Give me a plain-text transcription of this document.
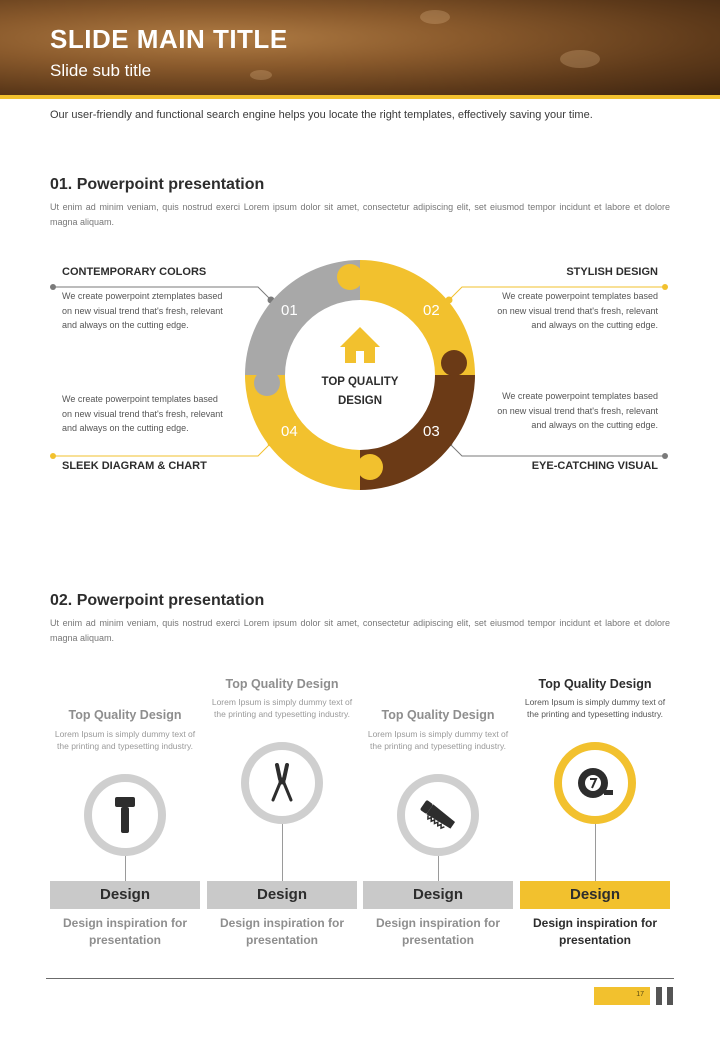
SLIDE MAIN TITLE
Slide sub title
Our user-friendly and functional search engine helps you locate the right templates, effectively saving your time.
01. Powerpoint presentation
Ut enim ad minim veniam, quis nostrud exerci Lorem ipsum dolor sit amet, consectetur adipiscing elit, set eiusmod tempor incidunt et labore et dolore magna aliquam.
CONTEMPORARY COLORS
We create powerpoint ztemplates based on new visual trend that's fresh, relevant and always on the cutting edge.
STYLISH DESIGN
We create powerpoint templates based on new visual trend that's fresh, relevant and always on the cutting edge.
We create powerpoint templates based on new visual trend that's fresh, relevant and always on the cutting edge.
SLEEK DIAGRAM & CHART
We create powerpoint templates based on new visual trend that's fresh, relevant and always on the cutting edge.
EYE-CATCHING VISUAL
01	02
03
04
TOP QUALITY DESIGN
02. Powerpoint presentation
Ut enim ad minim veniam, quis nostrud exerci Lorem ipsum dolor sit amet, consectetur adipiscing elit, set eiusmod tempor incidunt et labore et dolore magna aliquam.
Top Quality Design
Lorem Ipsum is simply dummy text of the printing and typesetting industry.
Design
Design inspiration for presentation
Top Quality Design
Lorem Ipsum is simply dummy text of the printing and typesetting industry.
Design
Design inspiration for presentation
Top Quality Design
Lorem Ipsum is simply dummy text of the printing and typesetting industry.
Design
Design inspiration for presentation
Top Quality Design
Lorem Ipsum is simply dummy text of the printing and typesetting industry.
Design
Design inspiration for presentation
17
